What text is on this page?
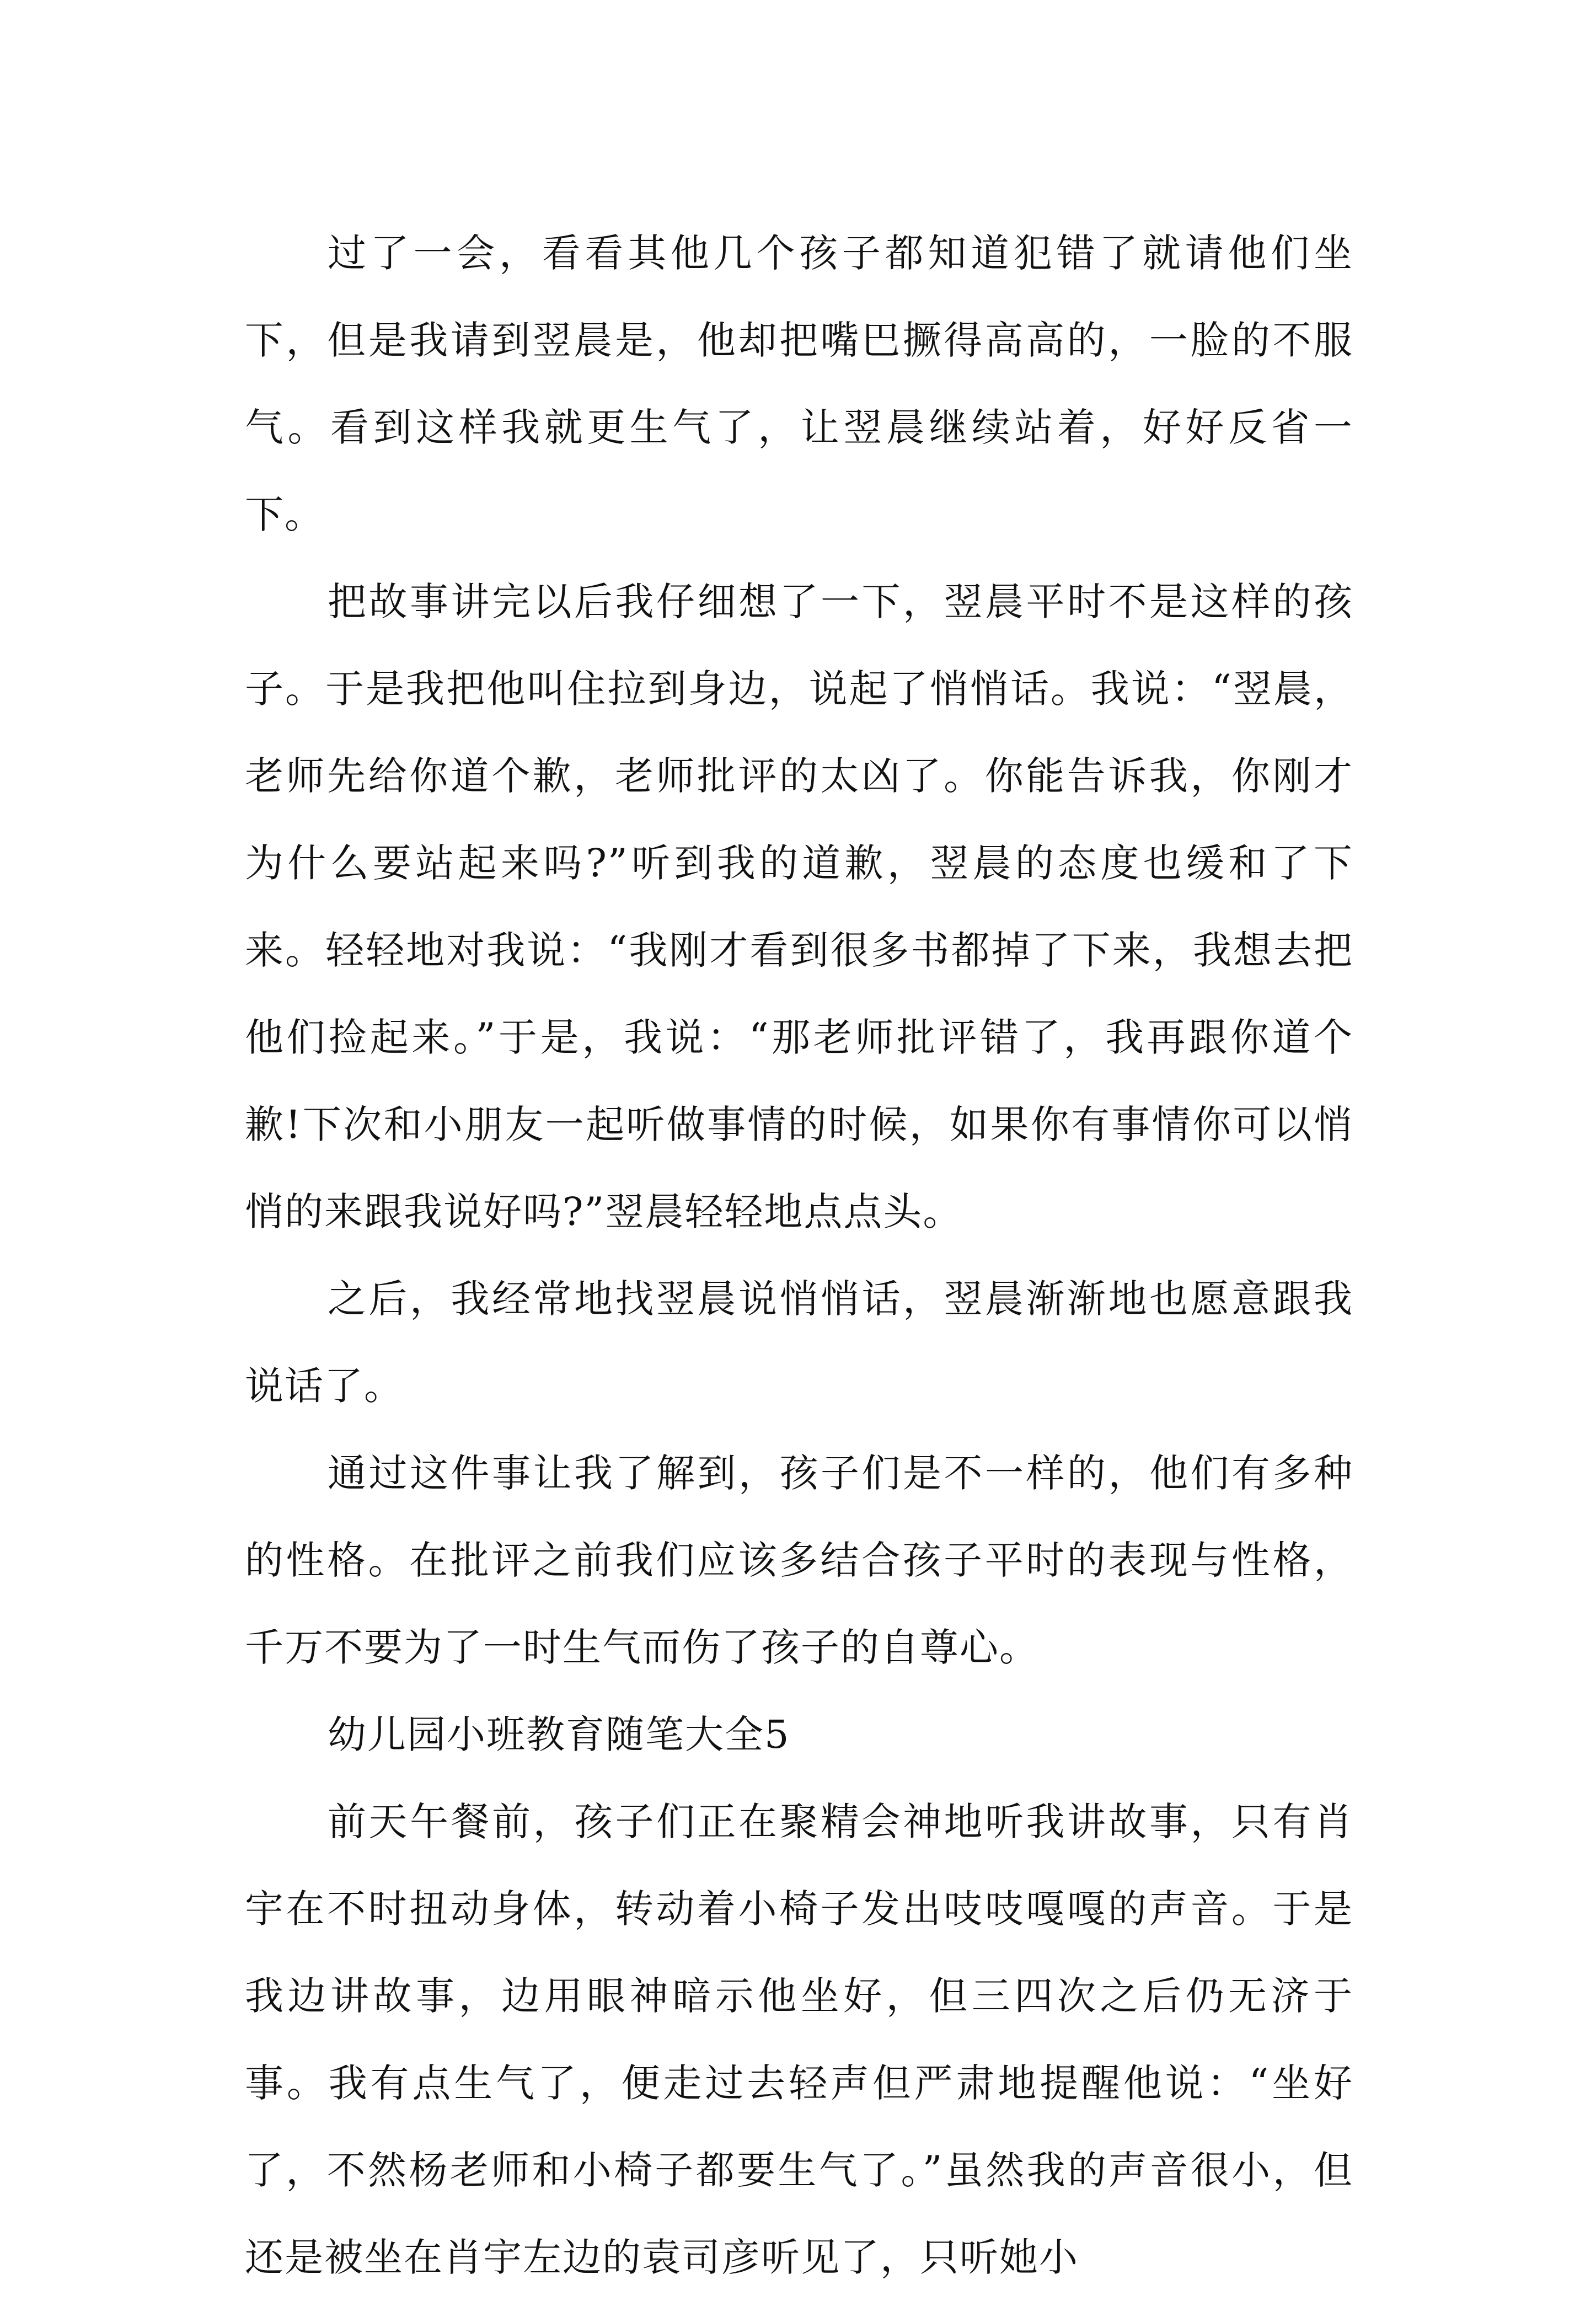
过了一会，看看其他几个孩子都知道犯错了就请他们坐下，但是我请到翌晨是，他却把嘴巴撅得高高的，一脸的不服气。看到这样我就更生气了，让翌晨继续站着，好好反省一下。

把故事讲完以后我仔细想了一下，翌晨平时不是这样的孩子。于是我把他叫住拉到身边，说起了悄悄话。我说：“翌晨，老师先给你道个歉，老师批评的太凶了。你能告诉我，你刚才为什么要站起来吗?”听到我的道歉，翌晨的态度也缓和了下来。轻轻地对我说：“我刚才看到很多书都掉了下来，我想去把他们捡起来。”于是，我说：“那老师批评错了，我再跟你道个歉!下次和小朋友一起听做事情的时候，如果你有事情你可以悄悄的来跟我说好吗?”翌晨轻轻地点点头。

之后，我经常地找翌晨说悄悄话，翌晨渐渐地也愿意跟我说话了。

通过这件事让我了解到，孩子们是不一样的，他们有多种的性格。在批评之前我们应该多结合孩子平时的表现与性格，千万不要为了一时生气而伤了孩子的自尊心。

幼儿园小班教育随笔大全5

前天午餐前，孩子们正在聚精会神地听我讲故事，只有肖宇在不时扭动身体，转动着小椅子发出吱吱嘎嘎的声音。于是我边讲故事，边用眼神暗示他坐好，但三四次之后仍无济于事。我有点生气了，便走过去轻声但严肃地提醒他说：“坐好了，不然杨老师和小椅子都要生气了。”虽然我的声音很小，但还是被坐在肖宇左边的袁司彦听见了，只听她小
